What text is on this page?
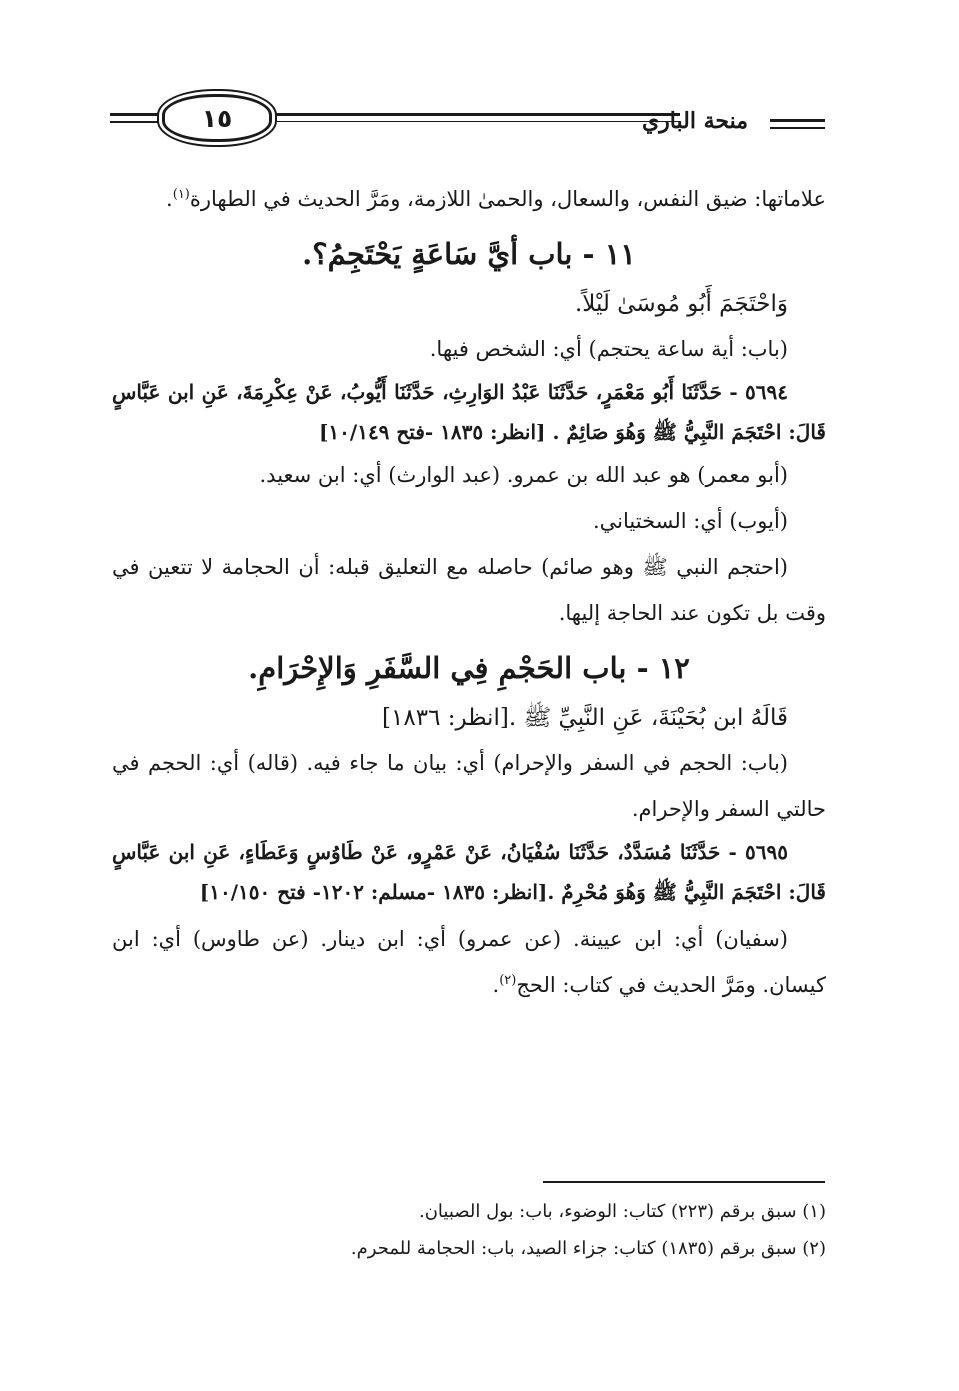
١٥	منحة الباري

علاماتها: ضيق النفس، والسعال، والحمىٰ اللازمة، ومَرَّ الحديث في الطهارة$^{(١)}$.

١١ - باب أيَّ سَاعَةٍ يَحْتَجِمُ؟.

وَاحْتَجَمَ أَبُو مُوسَىٰ لَيْلاً.

(باب: أية ساعة يحتجم) أي: الشخص فيها.

٥٦٩٤ - حَدَّثَنَا أَبُو مَعْمَرٍ، حَدَّثَنَا عَبْدُ الوَارِثِ، حَدَّثَنَا أَيُّوبُ، عَنْ عِكْرِمَةَ، عَنِ ابن عَبَّاسٍ قَالَ: احْتَجَمَ النَّبِيُّ ﷺ وَهُوَ صَائِمٌ . [انظر: ١٨٣٥ -فتح ١٠/١٤٩]

(أبو معمر) هو عبد الله بن عمرو. (عبد الوارث) أي: ابن سعيد.

(أيوب) أي: السختياني.

(احتجم النبي ﷺ وهو صائم) حاصله مع التعليق قبله: أن الحجامة لا تتعين في وقت بل تكون عند الحاجة إليها.

١٢ - باب الحَجْمِ فِي السَّفَرِ وَالإِحْرَامِ.

قَالَهُ ابن بُحَيْنَةَ، عَنِ النَّبِيِّ ﷺ .[انظر: ١٨٣٦]

(باب: الحجم في السفر والإحرام) أي: بيان ما جاء فيه. (قاله) أي: الحجم في حالتي السفر والإحرام.

٥٦٩٥ - حَدَّثَنَا مُسَدَّدٌ، حَدَّثَنَا سُفْيَانُ، عَنْ عَمْرٍو، عَنْ طَاوُسٍ وَعَطَاءٍ، عَنِ ابن عَبَّاسٍ قَالَ: احْتَجَمَ النَّبِيُّ ﷺ وَهُوَ مُحْرِمٌ .[انظر: ١٨٣٥ -مسلم: ١٢٠٢- فتح ١٠/١٥٠]

(سفيان) أي: ابن عيينة. (عن عمرو) أي: ابن دينار. (عن طاوس) أي: ابن كيسان. ومَرَّ الحديث في كتاب: الحج$^{(٢)}$.

(١) سبق برقم (٢٢٣) كتاب: الوضوء، باب: بول الصبيان.

(٢) سبق برقم (١٨٣٥) كتاب: جزاء الصيد، باب: الحجامة للمحرم.
